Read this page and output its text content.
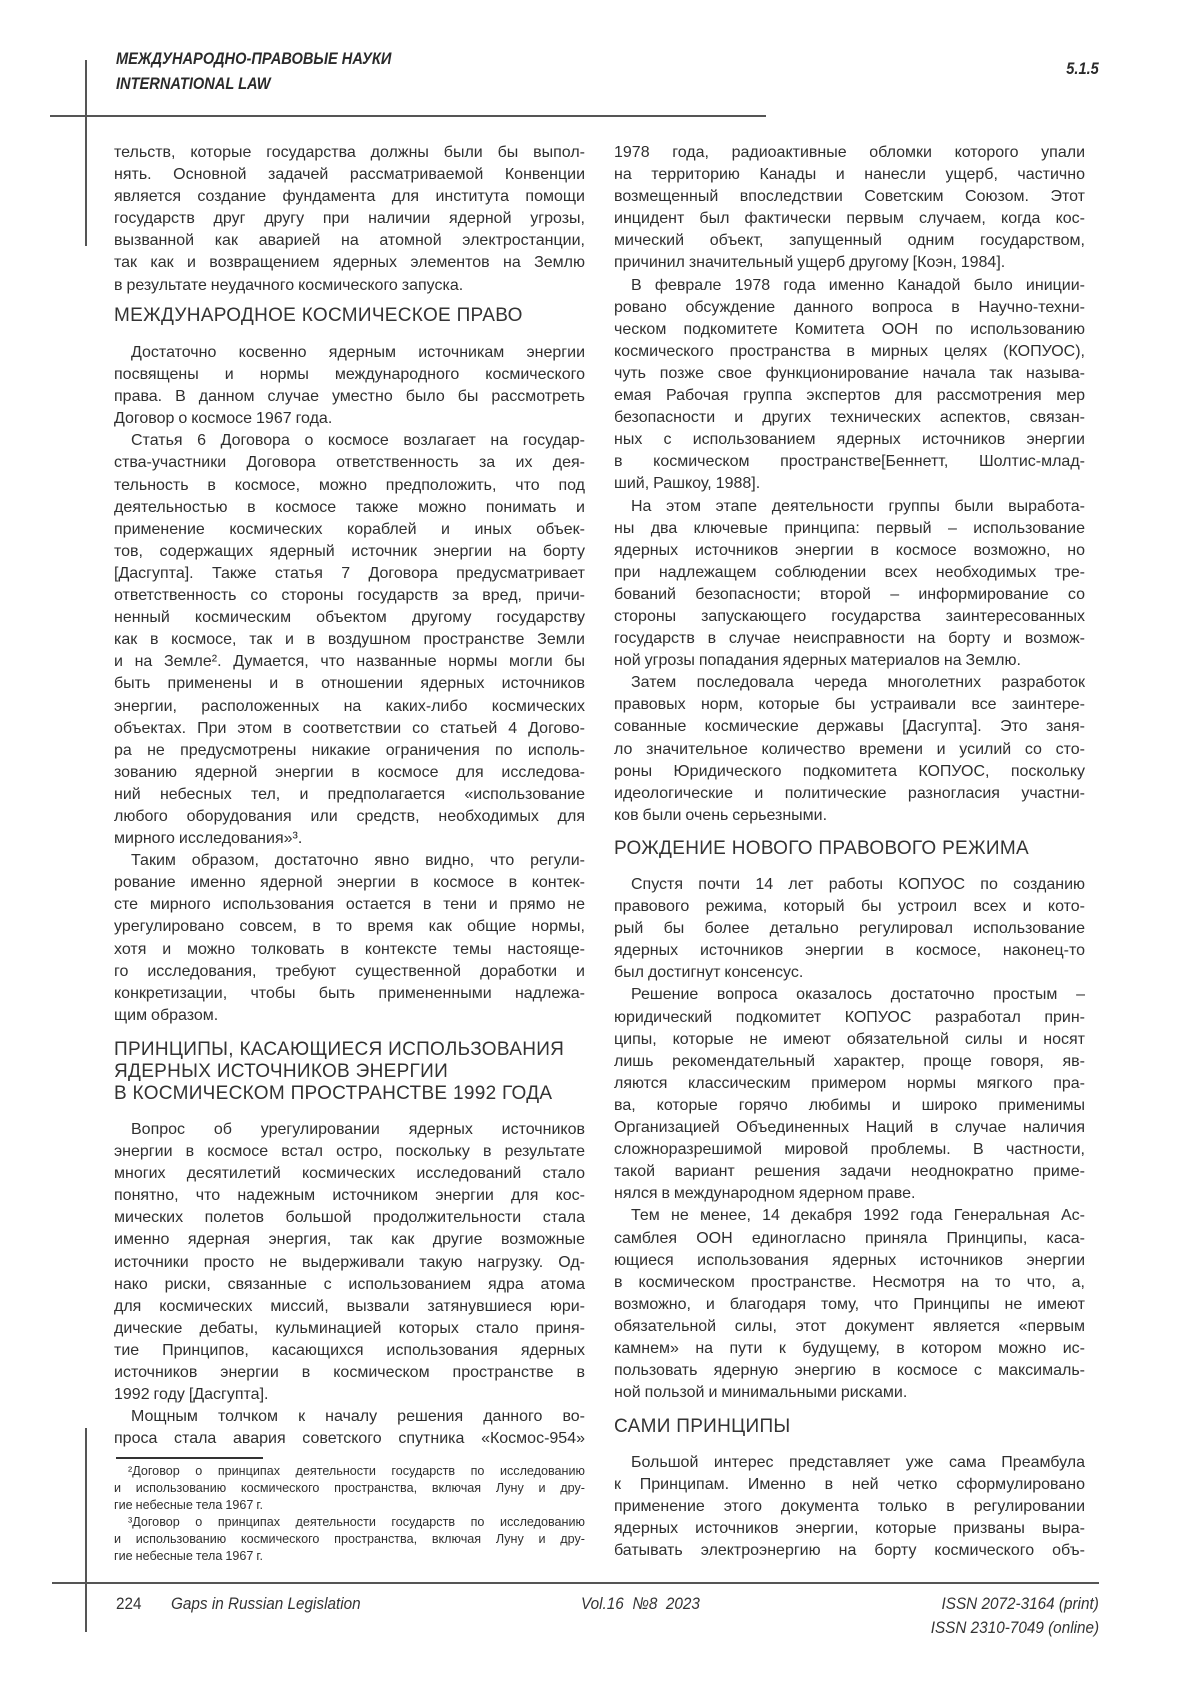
МЕЖДУНАРОДНО-ПРАВОВЫЕ НАУКИ
INTERNATIONAL LAW
5.1.5
тельств, которые государства должны были бы выпол-
нять. Основной задачей рассматриваемой Конвенции
является создание фундамента для института помощи
государств друг другу при наличии ядерной угрозы,
вызванной как аварией на атомной электростанции,
так как и возвращением ядерных элементов на Землю
в результате неудачного космического запуска.
МЕЖДУНАРОДНОЕ КОСМИЧЕСКОЕ ПРАВО
Достаточно косвенно ядерным источникам энергии
посвящены и нормы международного космического
права. В данном случае уместно было бы рассмотреть
Договор о космосе 1967 года.
Статья 6 Договора о космосе возлагает на государ-
ства-участники Договора ответственность за их дея-
тельность в космосе, можно предположить, что под
деятельностью в космосе также можно понимать и
применение космических кораблей и иных объек-
тов, содержащих ядерный источник энергии на борту
[Дасгупта]. Также статья 7 Договора предусматривает
ответственность со стороны государств за вред, причи-
ненный космическим объектом другому государству
как в космосе, так и в воздушном пространстве Земли
и на Земле². Думается, что названные нормы могли бы
быть применены и в отношении ядерных источников
энергии, расположенных на каких-либо космических
объектах. При этом в соответствии со статьей 4 Догово-
ра не предусмотрены никакие ограничения по исполь-
зованию ядерной энергии в космосе для исследова-
ний небесных тел, и предполагается «использование
любого оборудования или средств, необходимых для
мирного исследования»³.
Таким образом, достаточно явно видно, что регули-
рование именно ядерной энергии в космосе в контек-
сте мирного использования остается в тени и прямо не
урегулировано совсем, в то время как общие нормы,
хотя и можно толковать в контексте темы настояще-
го исследования, требуют существенной доработки и
конкретизации, чтобы быть примененными надлежа-
щим образом.
ПРИНЦИПЫ, КАСАЮЩИЕСЯ ИСПОЛЬЗОВАНИЯ
ЯДЕРНЫХ ИСТОЧНИКОВ ЭНЕРГИИ
В КОСМИЧЕСКОМ ПРОСТРАНСТВЕ 1992 ГОДА
Вопрос об урегулировании ядерных источников
энергии в космосе встал остро, поскольку в результате
многих десятилетий космических исследований стало
понятно, что надежным источником энергии для кос-
мических полетов большой продолжительности стала
именно ядерная энергия, так как другие возможные
источники просто не выдерживали такую нагрузку. Од-
нако риски, связанные с использованием ядра атома
для космических миссий, вызвали затянувшиеся юри-
дические дебаты, кульминацией которых стало приня-
тие Принципов, касающихся использования ядерных
источников энергии в космическом пространстве в
1992 году [Дасгупта].
Мощным толчком к началу решения данного во-
проса стала авария советского спутника «Космос-954»
1978 года, радиоактивные обломки которого упали
на территорию Канады и нанесли ущерб, частично
возмещенный впоследствии Советским Союзом. Этот
инцидент был фактически первым случаем, когда кос-
мический объект, запущенный одним государством,
причинил значительный ущерб другому [Коэн, 1984].
В феврале 1978 года именно Канадой было иниции-
ровано обсуждение данного вопроса в Научно-техни-
ческом подкомитете Комитета ООН по использованию
космического пространства в мирных целях (КОПУОС),
чуть позже свое функционирование начала так называ-
емая Рабочая группа экспертов для рассмотрения мер
безопасности и других технических аспектов, связан-
ных с использованием ядерных источников энергии
в космическом пространстве[Беннетт, Шолтис-млад-
ший, Рашкоу, 1988].
На этом этапе деятельности группы были выработа-
ны два ключевые принципа: первый – использование
ядерных источников энергии в космосе возможно, но
при надлежащем соблюдении всех необходимых тре-
бований безопасности; второй – информирование со
стороны запускающего государства заинтересованных
государств в случае неисправности на борту и возмож-
ной угрозы попадания ядерных материалов на Землю.
Затем последовала череда многолетних разработок
правовых норм, которые бы устраивали все заинтере-
сованные космические державы [Дасгупта]. Это заня-
ло значительное количество времени и усилий со сто-
роны Юридического подкомитета КОПУОС, поскольку
идеологические и политические разногласия участни-
ков были очень серьезными.
РОЖДЕНИЕ НОВОГО ПРАВОВОГО РЕЖИМА
Спустя почти 14 лет работы КОПУОС по созданию
правового режима, который бы устроил всех и кото-
рый бы более детально регулировал использование
ядерных источников энергии в космосе, наконец-то
был достигнут консенсус.
Решение вопроса оказалось достаточно простым –
юридический подкомитет КОПУОС разработал прин-
ципы, которые не имеют обязательной силы и носят
лишь рекомендательный характер, проще говоря, яв-
ляются классическим примером нормы мягкого пра-
ва, которые горячо любимы и широко применимы
Организацией Объединенных Наций в случае наличия
сложноразрешимой мировой проблемы. В частности,
такой вариант решения задачи неоднократно приме-
нялся в международном ядерном праве.
Тем не менее, 14 декабря 1992 года Генеральная Ас-
самблея ООН единогласно приняла Принципы, каса-
ющиеся использования ядерных источников энергии
в космическом пространстве. Несмотря на то что, а,
возможно, и благодаря тому, что Принципы не имеют
обязательной силы, этот документ является «первым
камнем» на пути к будущему, в котором можно ис-
пользовать ядерную энергию в космосе с максималь-
ной пользой и минимальными рисками.
САМИ ПРИНЦИПЫ
Большой интерес представляет уже сама Преамбула
к Принципам. Именно в ней четко сформулировано
применение этого документа только в регулировании
ядерных источников энергии, которые призваны выра-
батывать электроэнергию на борту космического объ-
²Договор о принципах деятельности государств по исследованию
и использованию космического пространства, включая Луну и дру-
гие небесные тела 1967 г.
³Договор о принципах деятельности государств по исследованию
и использованию космического пространства, включая Луну и дру-
гие небесные тела 1967 г.
224 Gaps in Russian Legislation	Vol.16  №8  2023	ISSN 2072-3164 (print)
ISSN 2310-7049 (online)
